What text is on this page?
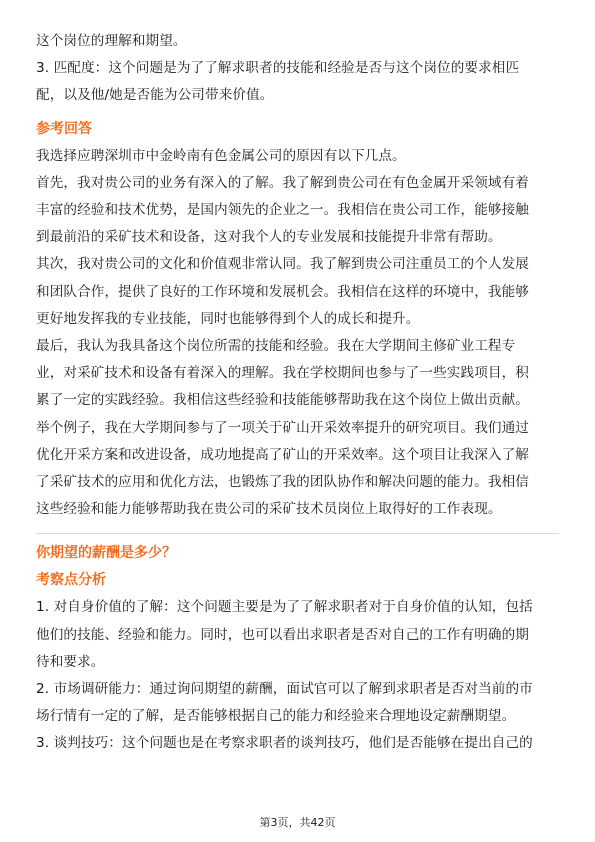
这个岗位的理解和期望。

3. 匹配度：这个问题是为了了解求职者的技能和经验是否与这个岗位的要求相匹

配，以及他/她是否能为公司带来价值。

参考回答

我选择应聘深圳市中金岭南有色金属公司的原因有以下几点。

首先，我对贵公司的业务有深入的了解。我了解到贵公司在有色金属开采领域有着

丰富的经验和技术优势，是国内领先的企业之一。我相信在贵公司工作，能够接触

到最前沿的采矿技术和设备，这对我个人的专业发展和技能提升非常有帮助。

其次，我对贵公司的文化和价值观非常认同。我了解到贵公司注重员工的个人发展

和团队合作，提供了良好的工作环境和发展机会。我相信在这样的环境中，我能够

更好地发挥我的专业技能，同时也能够得到个人的成长和提升。

最后，我认为我具备这个岗位所需的技能和经验。我在大学期间主修矿业工程专

业，对采矿技术和设备有着深入的理解。我在学校期间也参与了一些实践项目，积

累了一定的实践经验。我相信这些经验和技能能够帮助我在这个岗位上做出贡献。

举个例子，我在大学期间参与了一项关于矿山开采效率提升的研究项目。我们通过

优化开采方案和改进设备，成功地提高了矿山的开采效率。这个项目让我深入了解

了采矿技术的应用和优化方法，也锻炼了我的团队协作和解决问题的能力。我相信

这些经验和能力能够帮助我在贵公司的采矿技术员岗位上取得好的工作表现。

你期望的薪酬是多少？
考察点分析

1. 对自身价值的了解：这个问题主要是为了了解求职者对于自身价值的认知，包括

他们的技能、经验和能力。同时，也可以看出求职者是否对自己的工作有明确的期

待和要求。

2. 市场调研能力：通过询问期望的薪酬，面试官可以了解到求职者是否对当前的市

场行情有一定的了解，是否能够根据自己的能力和经验来合理地设定薪酬期望。

3. 谈判技巧：这个问题也是在考察求职者的谈判技巧，他们是否能够在提出自己的

第3页，共42页
